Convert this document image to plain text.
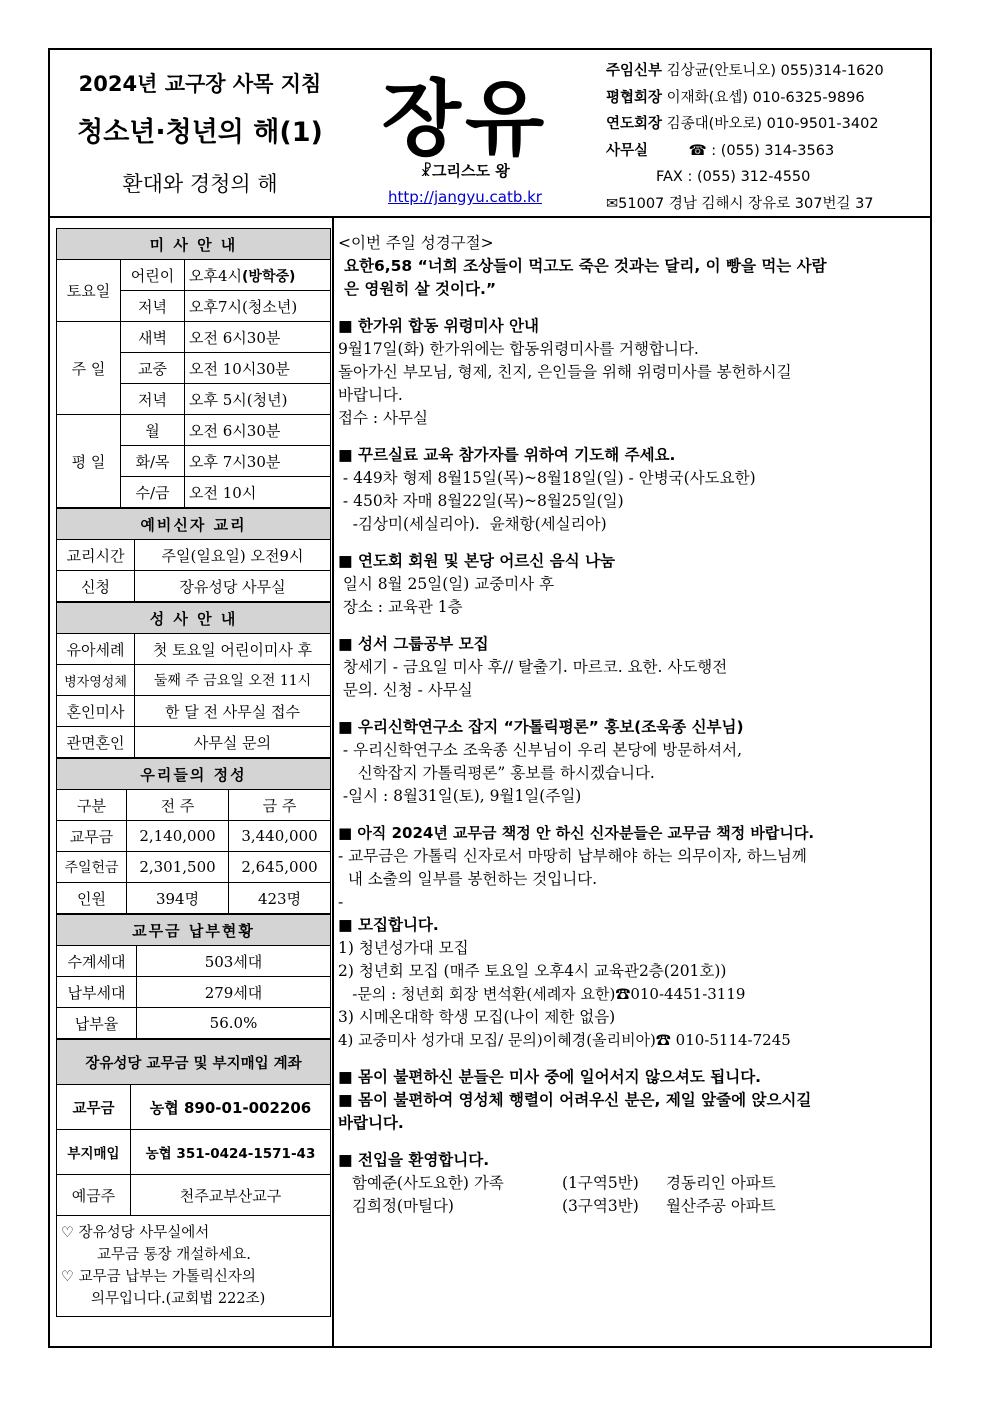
2024년 교구장 사목 지침
청소년·청년의 해(1)
환대와 경청의 해
장유
☧그리스도 왕
http://jangyu.catb.kr
주임신부 김상균(안토니오) 055)314-1620
평협회장 이재화(요셉) 010-6325-9896
연도회장 김종대(바오로) 010-9501-3402
사무실	☎ : (055) 314-3563
FAX : (055) 312-4550
✉51007 경남 김해시 장유로 307번길 37
미 사 안 내		
토요일	어린이	오후4시(방학중)
	저녁	오후7시(청소년)
주 일	새벽	오전 6시30분
	교중	오전 10시30분
	저녁	오후 5시(청년)
평 일	월	오전 6시30분
	화/목	오후 7시30분
	수/금	오전 10시
예비신자 교리	
교리시간	주일(일요일) 오전9시
신청	장유성당 사무실
성 사 안 내	
유아세례	첫 토요일 어린이미사 후
병자영성체	둘째 주 금요일 오전 11시
혼인미사	한 달 전 사무실 접수
관면혼인	사무실 문의
우리들의 정성		
구분	전 주	금 주
교무금	2,140,000	3,440,000
주일헌금	2,301,500	2,645,000
인원	394명	423명
교무금 납부현황	
수계세대	503세대
납부세대	279세대
납부율	56.0%
장유성당 교무금 및 부지매입 계좌	
교무금	농협 890-01-002206
부지매입	농협 351-0424-1571-43
예금주	천주교부산교구

♡ 장유성당 사무실에서
교무금 통장 개설하세요.
♡ 교무금 납부는 가톨릭신자의
의무입니다.(교회법 222조)	
<이번 주일 성경구절>
요한6,58 “너희 조상들이 먹고도 죽은 것과는 달리, 이 빵을 먹는 사람
은 영원히 살 것이다.”
■ 한가위 합동 위령미사 안내
9월17일(화) 한가위에는 합동위령미사를 거행합니다.
돌아가신 부모님, 형제, 친지, 은인들을 위해 위령미사를 봉헌하시길
바랍니다.
접수 : 사무실
■ 꾸르실료 교육 참가자를 위하여 기도해 주세요.
- 449차 형제 8월15일(목)~8월18일(일) - 안병국(사도요한)
- 450차 자매 8월22일(목)~8월25일(일)
-김상미(세실리아).  윤채항(세실리아)
■ 연도회 회원 및 본당 어르신 음식 나눔
일시 8월 25일(일) 교중미사 후
장소 : 교육관 1층
■ 성서 그룹공부 모집
창세기 - 금요일 미사 후// 탈출기. 마르코. 요한. 사도행전
문의. 신청 - 사무실
■ 우리신학연구소 잡지 “가톨릭평론” 홍보(조욱종 신부님)
- 우리신학연구소 조욱종 신부님이 우리 본당에 방문하셔서,
신학잡지 가톨릭평론” 홍보를 하시겠습니다.
-일시 : 8월31일(토), 9월1일(주일)
■ 아직 2024년 교무금 책정 안 하신 신자분들은 교무금 책정 바랍니다.
- 교무금은 가톨릭 신자로서 마땅히 납부해야 하는 의무이자, 하느님께
내 소출의 일부를 봉헌하는 것입니다.
-
■ 모집합니다.
1) 청년성가대 모집
2) 청년회 모집 (매주 토요일 오후4시 교육관2층(201호))
-문의 : 청년회 회장 변석환(세례자 요한)☎010-4451-3119
3) 시메온대학 학생 모집(나이 제한 없음)
4) 교중미사 성가대 모집/ 문의)이혜경(올리비아)☎ 010-5114-7245
■ 몸이 불편하신 분들은 미사 중에 일어서지 않으셔도 됩니다.
■ 몸이 불편하여 영성체 행렬이 어려우신 분은, 제일 앞줄에 앉으시길
바랍니다.
■ 전입을 환영합니다.
함예준(사도요한) 가족	(1구역5반) 경동리인 아파트
김희정(마틸다)	(3구역3반) 월산주공 아파트
